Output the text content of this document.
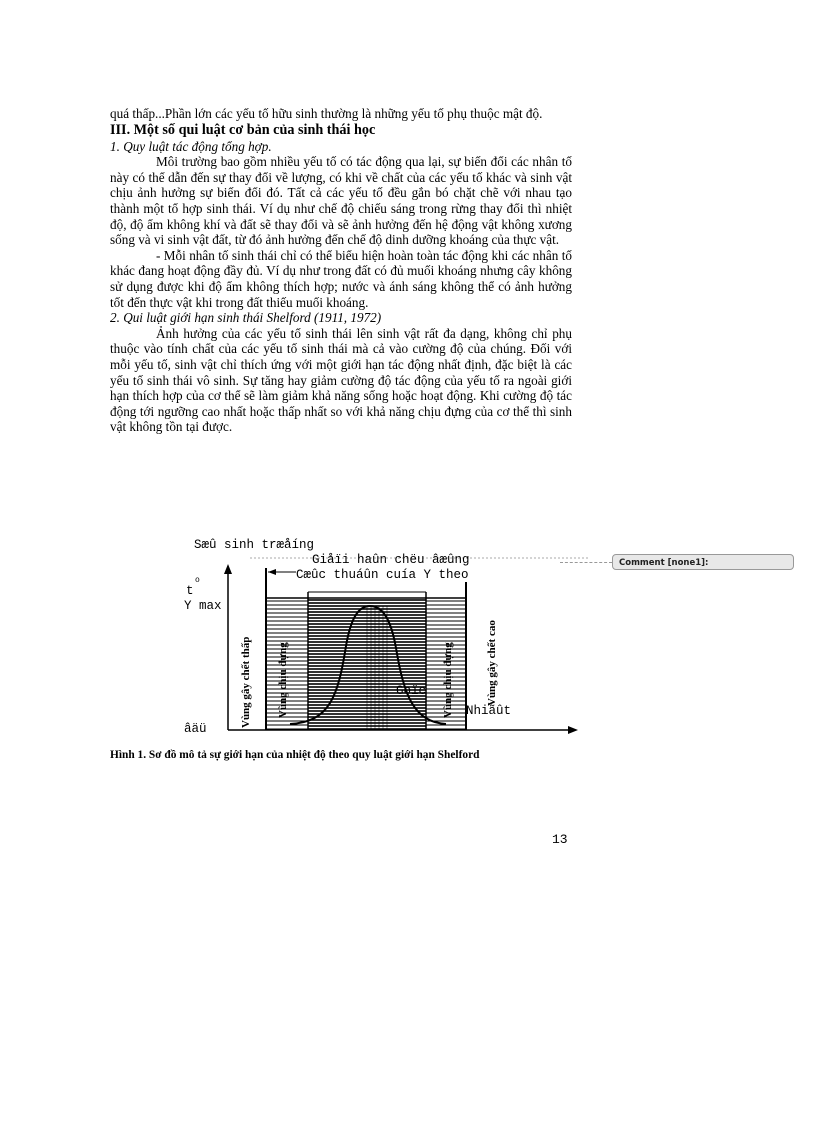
quá thấp...Phần lớn các yếu tố hữu sinh thường là những yếu tố phụ thuộc mật độ.

III. Một số qui luật cơ bản của sinh thái học

1. Quy luật tác động tổng hợp.

Môi trường bao gồm nhiều yếu tố có tác động qua lại, sự biến đổi các nhân tố này có thể dẫn đến sự thay đổi về lượng, có khi về chất của các yếu tố khác và sinh vật chịu ảnh hưởng sự biến đổi đó. Tất cả các yếu tố đều gắn bó chặt chẽ với nhau tạo thành một tổ hợp sinh thái. Ví dụ như chế độ chiếu sáng trong rừng thay đổi thì nhiệt độ, độ ẩm không khí và đất sẽ thay đổi và sẽ ảnh hưởng đến hệ động vật không xương sống và vi sinh vật đất, từ đó ảnh hưởng đến chế độ dinh dưỡng khoáng của thực vật.

- Mỗi nhân tố sinh thái chỉ có thể biểu hiện hoàn toàn tác động khi các nhân tố khác đang hoạt động đầy đủ. Ví dụ như trong đất có đủ muối khoáng nhưng cây không sử dụng được khi độ ẩm không thích hợp; nước và ánh sáng không thể có ảnh hưởng tốt đến thực vật khi trong đất thiếu muối khoáng.

2. Qui luật giới hạn sinh thái Shelford (1911, 1972)

Ảnh hưởng của các yếu tố sinh thái lên sinh vật rất đa dạng, không chỉ phụ thuộc vào tính chất của các yếu tố sinh thái mà cả vào cường độ của chúng. Đối với mỗi yếu tố, sinh vật chỉ thích ứng với một giới hạn tác động nhất định, đặc biệt là các yếu tố sinh thái vô sinh. Sự tăng hay giảm cường độ tác động của yếu tố ra ngoài giới hạn thích hợp của cơ thể sẽ làm giảm khả năng sống hoặc hoạt động. Khi cường độ tác động tới ngưỡng cao nhất hoặc thấp nhất so với khả năng chịu đựng của cơ thể thì sinh vật không tồn tại được.

Sæû sinh træåíng
Giåïi haûn chëu âæûng
Cæûc thuáûn cuía Y theo
t
o
Y max
âäü
Nhiãût
Goïc
Vùng gây chết thấp Vùng chịu đựng	Vùng chịu đựng	Vùng gây chết cao
Comment [none1]:
Hình 1. Sơ đồ mô tả sự giới hạn của nhiệt độ theo quy luật giới hạn Shelford
13
